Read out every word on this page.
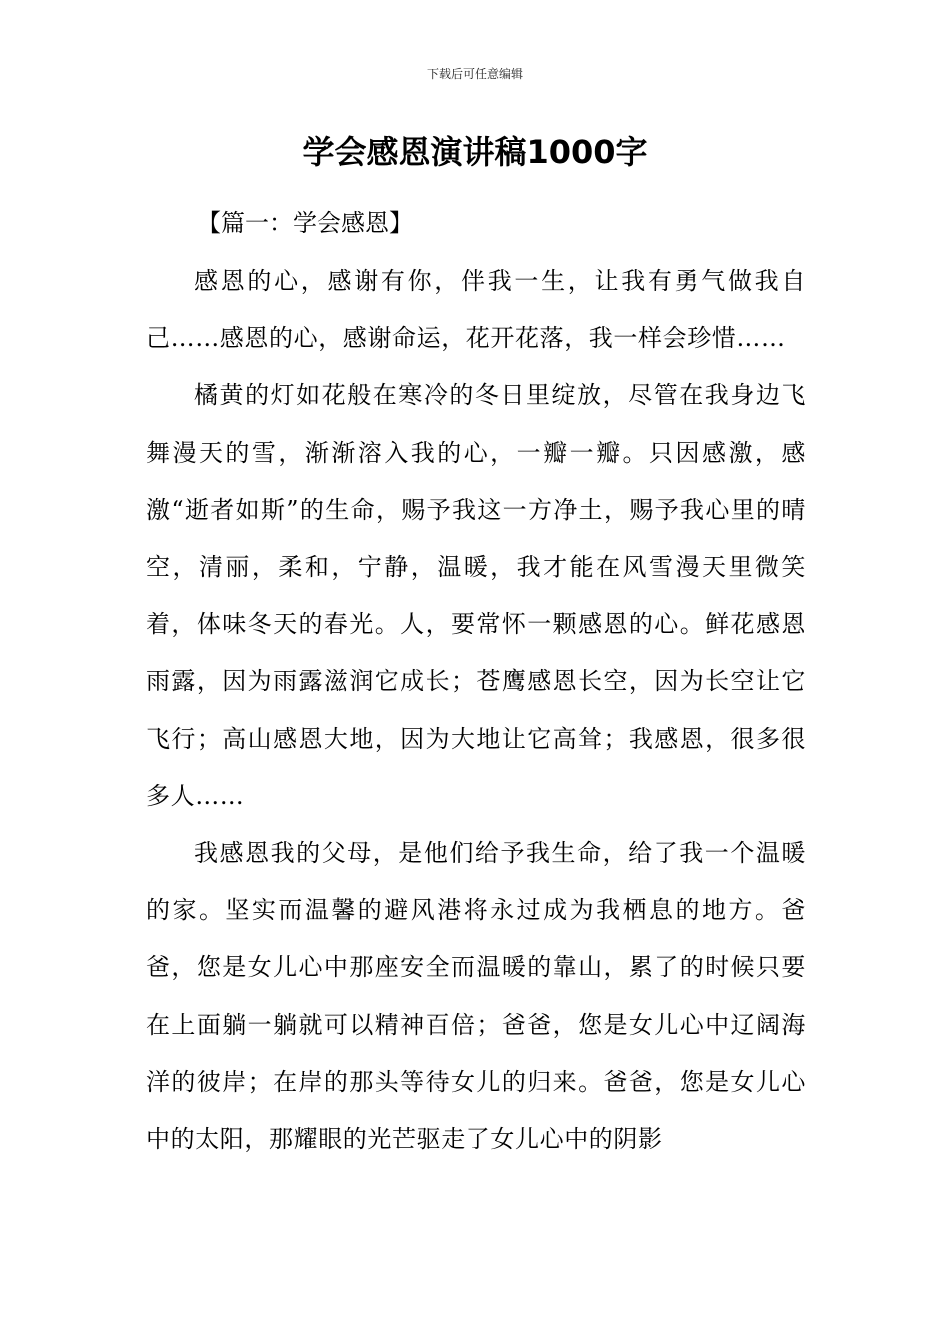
下载后可任意编辑
学会感恩演讲稿1000字

【篇一：学会感恩】

感恩的心，感谢有你，伴我一生，让我有勇气做我自己……感恩的心，感谢命运，花开花落，我一样会珍惜……

橘黄的灯如花般在寒冷的冬日里绽放，尽管在我身边飞舞漫天的雪，渐渐溶入我的心，一瓣一瓣。只因感激，感激“逝者如斯”的生命，赐予我这一方净土，赐予我心里的晴空，清丽，柔和，宁静，温暖，我才能在风雪漫天里微笑着，体味冬天的春光。人，要常怀一颗感恩的心。鲜花感恩雨露，因为雨露滋润它成长；苍鹰感恩长空，因为长空让它飞行；高山感恩大地，因为大地让它高耸；我感恩，很多很多人……

我感恩我的父母，是他们给予我生命，给了我一个温暖的家。坚实而温馨的避风港将永过成为我栖息的地方。爸爸，您是女儿心中那座安全而温暖的靠山，累了的时候只要在上面躺一躺就可以精神百倍；爸爸，您是女儿心中辽阔海洋的彼岸；在岸的那头等待女儿的归来。爸爸，您是女儿心中的太阳，那耀眼的光芒驱走了女儿心中的阴影
